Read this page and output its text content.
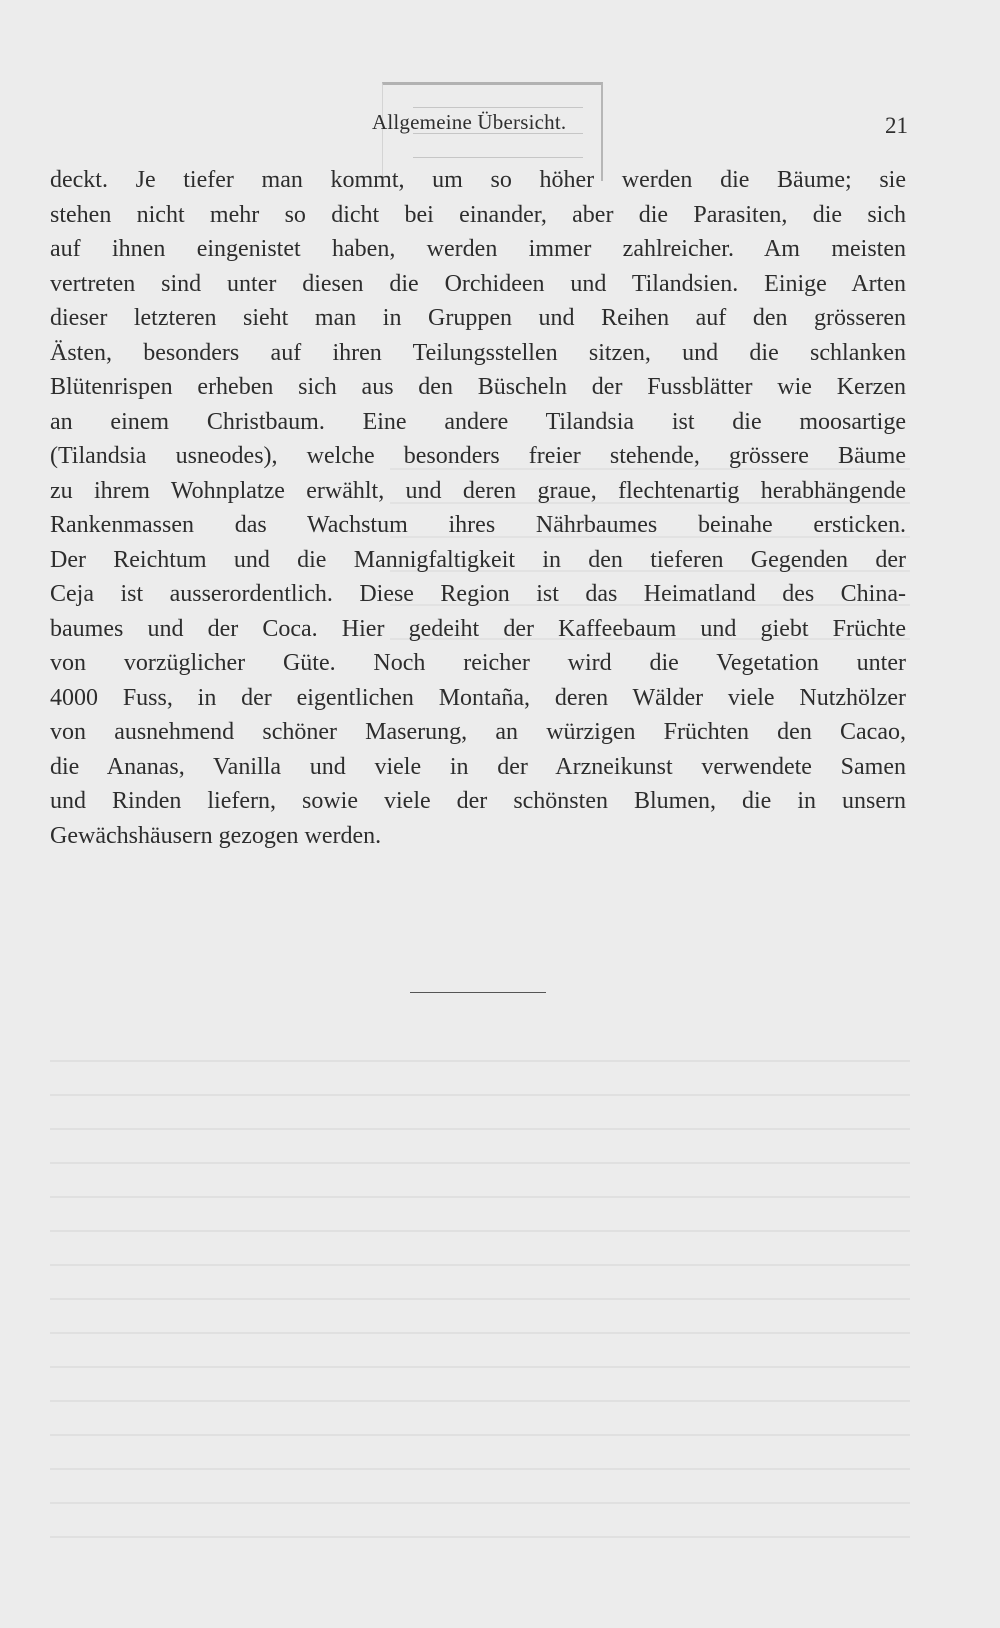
Allgemeine Übersicht.	21
deckt. Je tiefer man kommt, um so höher werden die Bäume; sie
stehen nicht mehr so dicht bei einander, aber die Parasiten, die sich
auf ihnen eingenistet haben, werden immer zahlreicher. Am meisten
vertreten sind unter diesen die Orchideen und Tilandsien. Einige Arten
dieser letzteren sieht man in Gruppen und Reihen auf den grösseren
Ästen, besonders auf ihren Teilungsstellen sitzen, und die schlanken
Blütenrispen erheben sich aus den Büscheln der Fussblätter wie Kerzen
an einem Christbaum. Eine andere Tilandsia ist die moosartige
(Tilandsia usneodes), welche besonders freier stehende, grössere Bäume
zu ihrem Wohnplatze erwählt, und deren graue, flechtenartig herabhängende
Rankenmassen das Wachstum ihres Nährbaumes beinahe ersticken.
Der Reichtum und die Mannigfaltigkeit in den tieferen Gegenden der
Ceja ist ausserordentlich. Diese Region ist das Heimatland des China-
baumes und der Coca. Hier gedeiht der Kaffeebaum und giebt Früchte
von vorzüglicher Güte. Noch reicher wird die Vegetation unter
4000 Fuss, in der eigentlichen Montaña, deren Wälder viele Nutzhölzer
von ausnehmend schöner Maserung, an würzigen Früchten den Cacao,
die Ananas, Vanilla und viele in der Arzneikunst verwendete Samen
und Rinden liefern, sowie viele der schönsten Blumen, die in unsern
Gewächshäusern gezogen werden.
